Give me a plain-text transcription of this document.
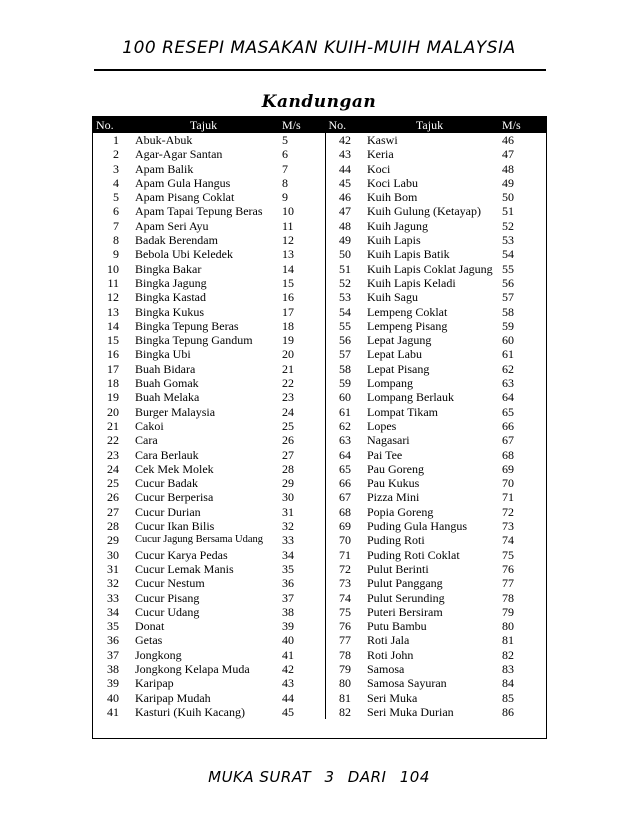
100 RESEPI MASAKAN KUIH-MUIH MALAYSIA
Kandungan
No.	Tajuk	M/s	No.	Tajuk	M/s
1	Abuk-Abuk	5	42	Kaswi	46
2	Agar-Agar Santan	6	43	Keria	47
3	Apam Balik	7	44	Koci	48
4	Apam Gula Hangus	8	45	Koci Labu	49
5	Apam Pisang Coklat	9	46	Kuih Bom	50
6	Apam Tapai Tepung Beras	10	47	Kuih Gulung (Ketayap)	51
7	Apam Seri Ayu	11	48	Kuih Jagung	52
8	Badak Berendam	12	49	Kuih Lapis	53
9	Bebola Ubi Keledek	13	50	Kuih Lapis Batik	54
10	Bingka Bakar	14	51	Kuih Lapis Coklat Jagung	55
11	Bingka Jagung	15	52	Kuih Lapis Keladi	56
12	Bingka Kastad	16	53	Kuih Sagu	57
13	Bingka Kukus	17	54	Lempeng Coklat	58
14	Bingka Tepung Beras	18	55	Lempeng Pisang	59
15	Bingka Tepung Gandum	19	56	Lepat Jagung	60
16	Bingka Ubi	20	57	Lepat Labu	61
17	Buah Bidara	21	58	Lepat Pisang	62
18	Buah Gomak	22	59	Lompang	63
19	Buah Melaka	23	60	Lompang Berlauk	64
20	Burger Malaysia	24	61	Lompat Tikam	65
21	Cakoi	25	62	Lopes	66
22	Cara	26	63	Nagasari	67
23	Cara Berlauk	27	64	Pai Tee	68
24	Cek Mek Molek	28	65	Pau Goreng	69
25	Cucur Badak	29	66	Pau Kukus	70
26	Cucur Berperisa	30	67	Pizza Mini	71
27	Cucur Durian	31	68	Popia Goreng	72
28	Cucur Ikan Bilis	32	69	Puding Gula Hangus	73
29	Cucur Jagung Bersama Udang	33	70	Puding Roti	74
30	Cucur Karya Pedas	34	71	Puding Roti Coklat	75
31	Cucur Lemak Manis	35	72	Pulut Berinti	76
32	Cucur Nestum	36	73	Pulut Panggang	77
33	Cucur Pisang	37	74	Pulut Serunding	78
34	Cucur Udang	38	75	Puteri Bersiram	79
35	Donat	39	76	Putu Bambu	80
36	Getas	40	77	Roti Jala	81
37	Jongkong	41	78	Roti John	82
38	Jongkong Kelapa Muda	42	79	Samosa	83
39	Karipap	43	80	Samosa Sayuran	84
40	Karipap Mudah	44	81	Seri Muka	85
41	Kasturi (Kuih Kacang)	45	82	Seri Muka Durian	86
MUKA SURAT 3 DARI 104
